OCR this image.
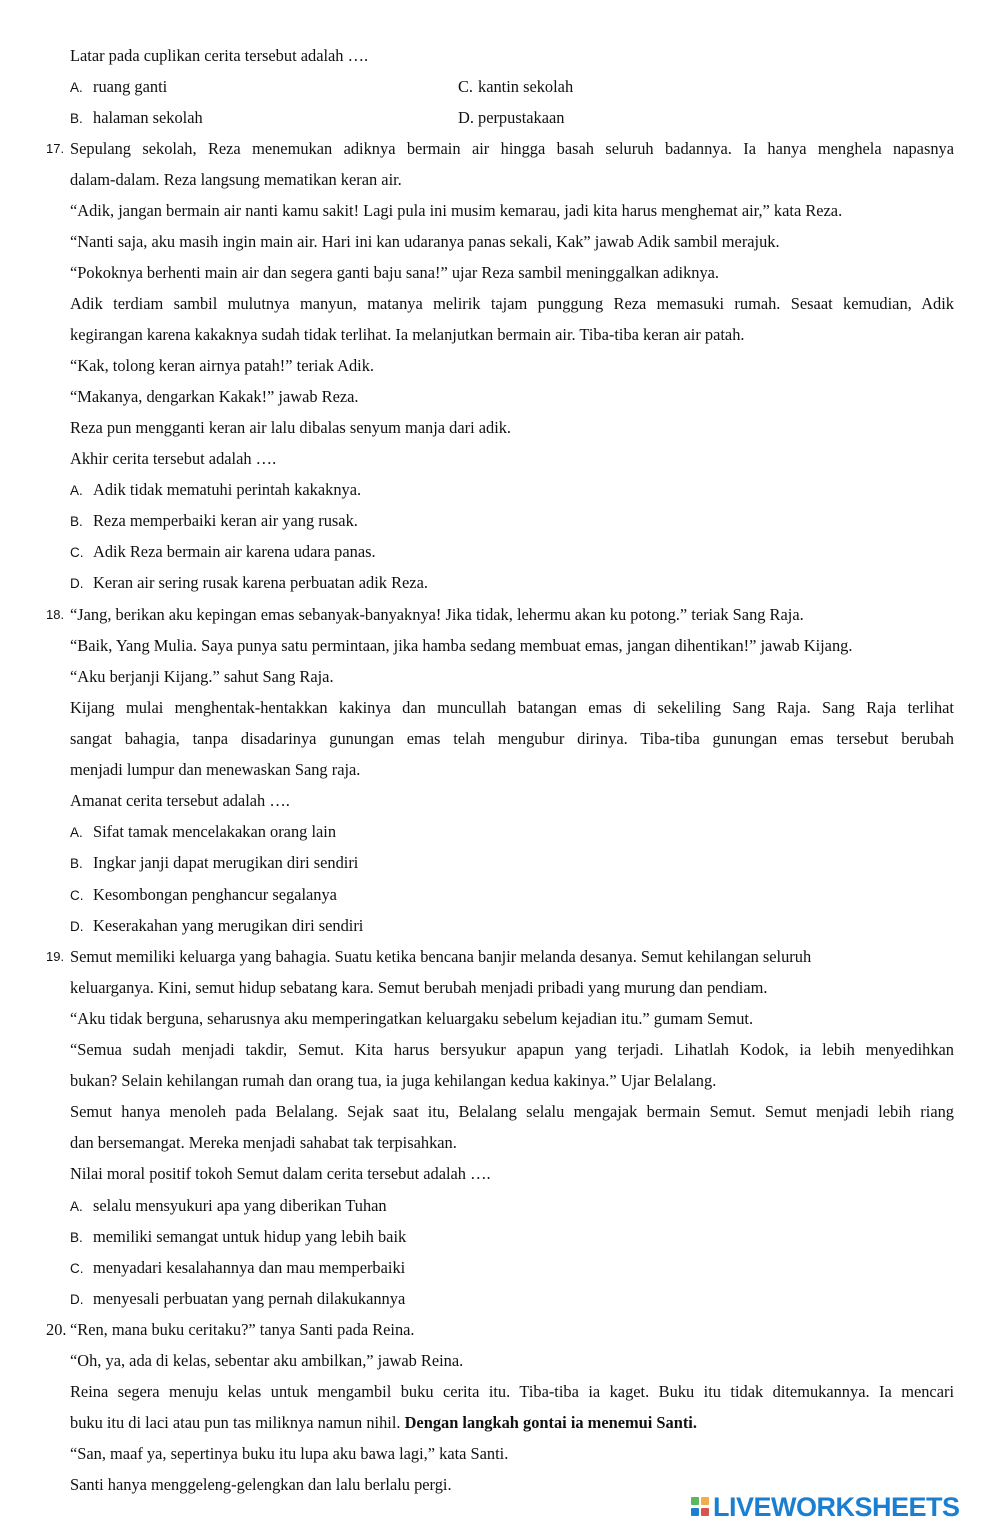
Latar pada cuplikan cerita tersebut adalah ….
A. ruang ganti	C. kantin sekolah
B. halaman sekolah	D. perpustakaan
17. Sepulang sekolah, Reza menemukan adiknya bermain air hingga basah seluruh badannya. Ia hanya menghela napasnya
dalam-dalam. Reza langsung mematikan keran air.
“Adik, jangan bermain air nanti kamu sakit! Lagi pula ini musim kemarau, jadi kita harus menghemat air,” kata Reza.
“Nanti saja, aku masih ingin main air. Hari ini kan udaranya panas sekali, Kak” jawab Adik sambil merajuk.
“Pokoknya berhenti main air dan segera ganti baju sana!” ujar Reza sambil meninggalkan adiknya.
Adik terdiam sambil mulutnya manyun, matanya melirik tajam punggung Reza memasuki rumah. Sesaat kemudian, Adik
kegirangan karena kakaknya sudah tidak terlihat. Ia melanjutkan bermain air. Tiba-tiba keran air patah.
“Kak, tolong keran airnya patah!” teriak Adik.
“Makanya, dengarkan Kakak!” jawab Reza.
Reza pun mengganti keran air lalu dibalas senyum manja dari adik.
Akhir cerita tersebut adalah ….
A. Adik tidak mematuhi perintah kakaknya.
B. Reza memperbaiki keran air yang rusak.
C. Adik Reza bermain air karena udara panas.
D. Keran air sering rusak karena perbuatan adik Reza.
18. “Jang, berikan aku kepingan emas sebanyak-banyaknya! Jika tidak, lehermu akan ku potong.” teriak Sang Raja.
“Baik, Yang Mulia. Saya punya satu permintaan, jika hamba sedang membuat emas, jangan dihentikan!” jawab Kijang.
“Aku berjanji Kijang.” sahut Sang Raja.
Kijang mulai menghentak-hentakkan kakinya dan muncullah batangan emas di sekeliling Sang Raja. Sang Raja terlihat
sangat bahagia, tanpa disadarinya gunungan emas telah mengubur dirinya. Tiba-tiba gunungan emas tersebut berubah
menjadi lumpur dan menewaskan Sang raja.
Amanat cerita tersebut adalah ….
A. Sifat tamak mencelakakan orang lain
B. Ingkar janji dapat merugikan diri sendiri
C. Kesombongan penghancur segalanya
D. Keserakahan yang merugikan diri sendiri
19. Semut memiliki keluarga yang bahagia. Suatu ketika bencana banjir melanda desanya. Semut kehilangan seluruh
keluarganya. Kini, semut hidup sebatang kara. Semut berubah menjadi pribadi yang murung dan pendiam.
“Aku tidak berguna, seharusnya aku memperingatkan keluargaku sebelum kejadian itu.” gumam Semut.
“Semua sudah menjadi takdir, Semut. Kita harus bersyukur apapun yang terjadi. Lihatlah Kodok, ia lebih menyedihkan
bukan? Selain kehilangan rumah dan orang tua, ia juga kehilangan kedua kakinya.” Ujar Belalang.
Semut hanya menoleh pada Belalang. Sejak saat itu, Belalang selalu mengajak bermain Semut. Semut menjadi lebih riang
dan bersemangat. Mereka menjadi sahabat tak terpisahkan.
Nilai moral positif tokoh Semut dalam cerita tersebut adalah ….
A. selalu mensyukuri apa yang diberikan Tuhan
B. memiliki semangat untuk hidup yang lebih baik
C. menyadari kesalahannya dan mau memperbaiki
D. menyesali perbuatan yang pernah dilakukannya
20. “Ren, mana buku ceritaku?” tanya Santi pada Reina.
“Oh, ya, ada di kelas, sebentar aku ambilkan,” jawab Reina.
Reina segera menuju kelas untuk mengambil buku cerita itu. Tiba-tiba ia kaget. Buku itu tidak ditemukannya. Ia mencari
buku itu di laci atau pun tas miliknya namun nihil. Dengan langkah gontai ia menemui Santi.
“San, maaf ya, sepertinya buku itu lupa aku bawa lagi,” kata Santi.
Santi hanya menggeleng-gelengkan dan lalu berlalu pergi.
LIVEWORKSHEETS
